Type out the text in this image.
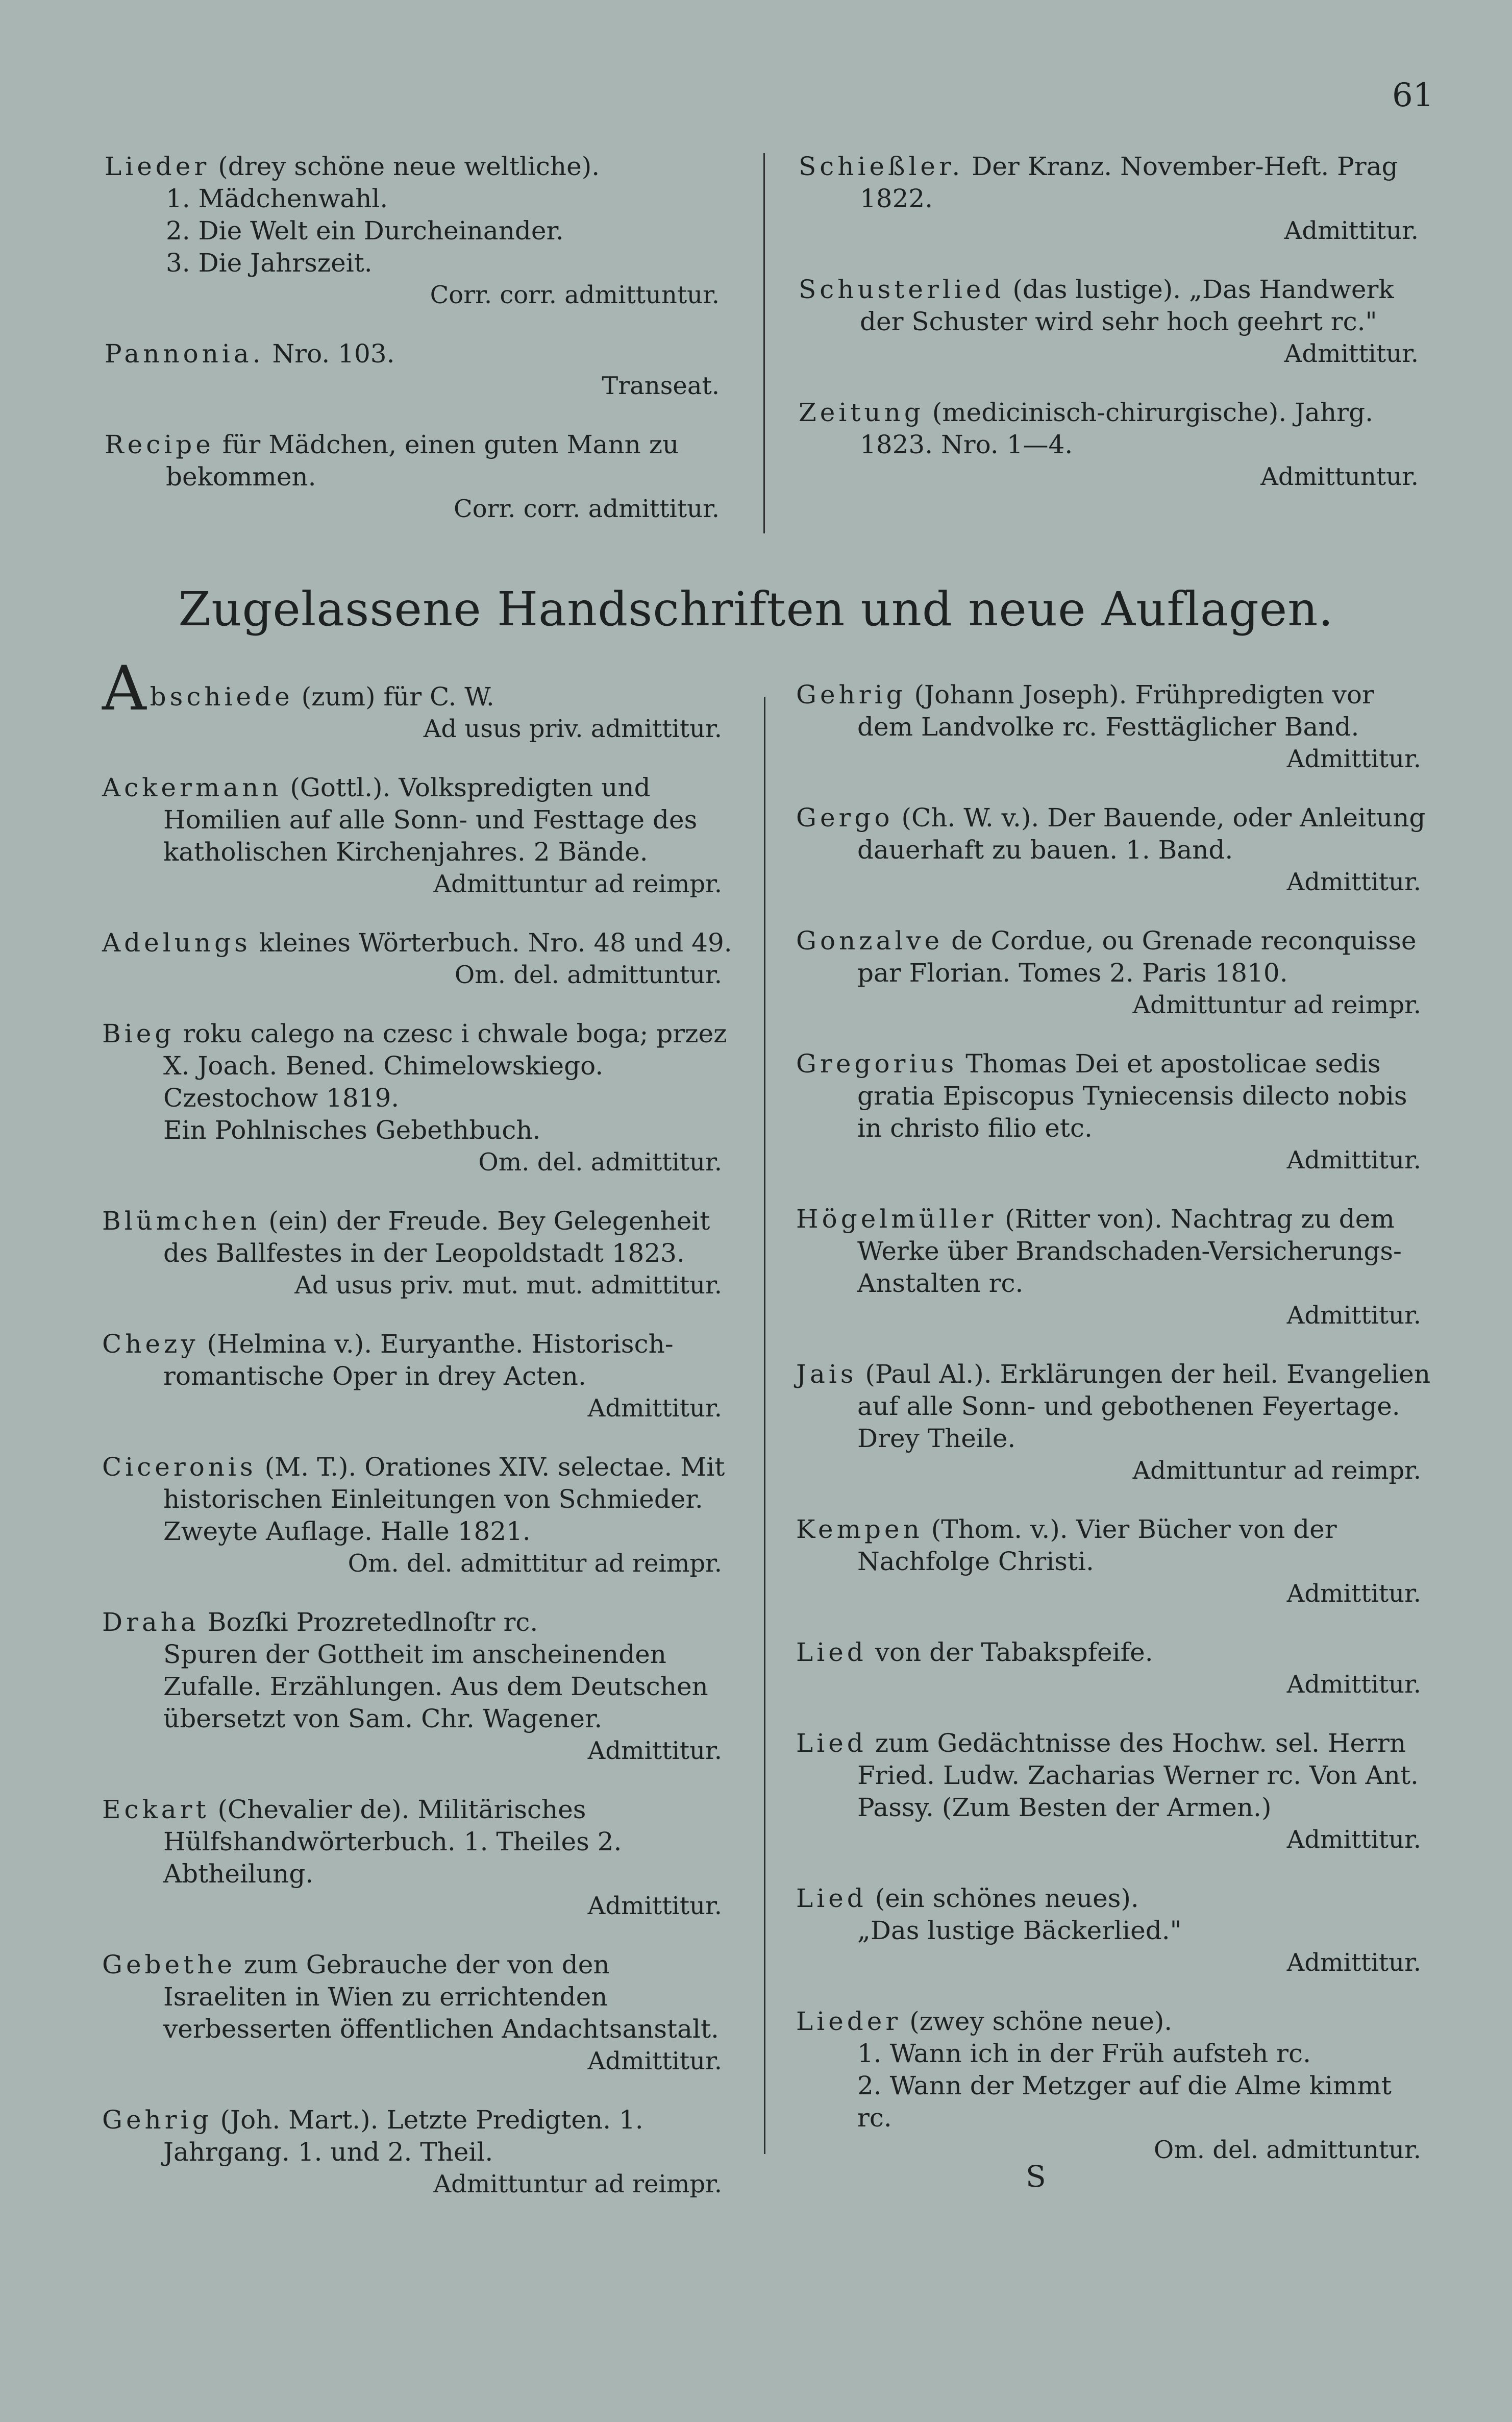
61
Lieder (drey schöne neue weltliche).
1. Mädchenwahl.
2. Die Welt ein Durcheinander.
3. Die Jahrszeit.
Corr. corr. admittuntur.
Pannonia. Nro. 103.
Transeat.
Recipe für Mädchen, einen guten Mann zu bekommen.
Corr. corr. admittitur.
Schießler. Der Kranz. November-Heft. Prag 1822.
Admittitur.
Schusterlied (das lustige). „Das Handwerk der Schuster wird sehr hoch geehrt rc."
Admittitur.
Zeitung (medicinisch-chirurgische). Jahrg. 1823. Nro. 1—4.
Admittuntur.
Zugelassene Handschriften und neue Auflagen.
Abschiede (zum) für C. W.
Ad usus priv. admittitur.
Ackermann (Gottl.). Volkspredigten und Homilien auf alle Sonn- und Festtage des katholischen Kirchenjahres. 2 Bände.
Admittuntur ad reimpr.
Adelungs kleines Wörterbuch. Nro. 48 und 49.
Om. del. admittuntur.
Bieg roku calego na czesc i chwale boga; przez X. Joach. Bened. Chimelowskiego. Czestochow 1819.
Ein Pohlnisches Gebethbuch.
Om. del. admittitur.
Blümchen (ein) der Freude. Bey Gelegenheit des Ballfestes in der Leopoldstadt 1823.
Ad usus priv. mut. mut. admittitur.
Chezy (Helmina v.). Euryanthe. Historisch-romantische Oper in drey Acten.
Admittitur.
Ciceronis (M. T.). Orationes XIV. selectae. Mit historischen Einleitungen von Schmieder. Zweyte Auflage. Halle 1821.
Om. del. admittitur ad reimpr.
Draha Bozſki Prozretedlnoſtr rc.
Spuren der Gottheit im anscheinenden Zufalle. Erzählungen. Aus dem Deutschen übersetzt von Sam. Chr. Wagener.
Admittitur.
Eckart (Chevalier de). Militärisches Hülfshandwörterbuch. 1. Theiles 2. Abtheilung.
Admittitur.
Gebethe zum Gebrauche der von den Israeliten in Wien zu errichtenden verbesserten öffentlichen Andachtsanstalt.
Admittitur.
Gehrig (Joh. Mart.). Letzte Predigten. 1. Jahrgang. 1. und 2. Theil.
Admittuntur ad reimpr.
Gehrig (Johann Joseph). Frühpredigten vor dem Landvolke rc. Festtäglicher Band.
Admittitur.
Gergo (Ch. W. v.). Der Bauende, oder Anleitung dauerhaft zu bauen. 1. Band.
Admittitur.
Gonzalve de Cordue, ou Grenade reconquisse par Florian. Tomes 2. Paris 1810.
Admittuntur ad reimpr.
Gregorius Thomas Dei et apostolicae sedis gratia Episcopus Tyniecensis dilecto nobis in christo filio etc.
Admittitur.
Högelmüller (Ritter von). Nachtrag zu dem Werke über Brandschaden-Versicherungs-Anstalten rc.
Admittitur.
Jais (Paul Al.). Erklärungen der heil. Evangelien auf alle Sonn- und gebothenen Feyertage. Drey Theile.
Admittuntur ad reimpr.
Kempen (Thom. v.). Vier Bücher von der Nachfolge Christi.
Admittitur.
Lied von der Tabakspfeife.
Admittitur.
Lied zum Gedächtnisse des Hochw. sel. Herrn Fried. Ludw. Zacharias Werner rc. Von Ant. Passy. (Zum Besten der Armen.)
Admittitur.
Lied (ein schönes neues).
„Das lustige Bäckerlied."
Admittitur.
Lieder (zwey schöne neue).
1. Wann ich in der Früh aufsteh rc.
2. Wann der Metzger auf die Alme kimmt rc.
Om. del. admittuntur.
S
